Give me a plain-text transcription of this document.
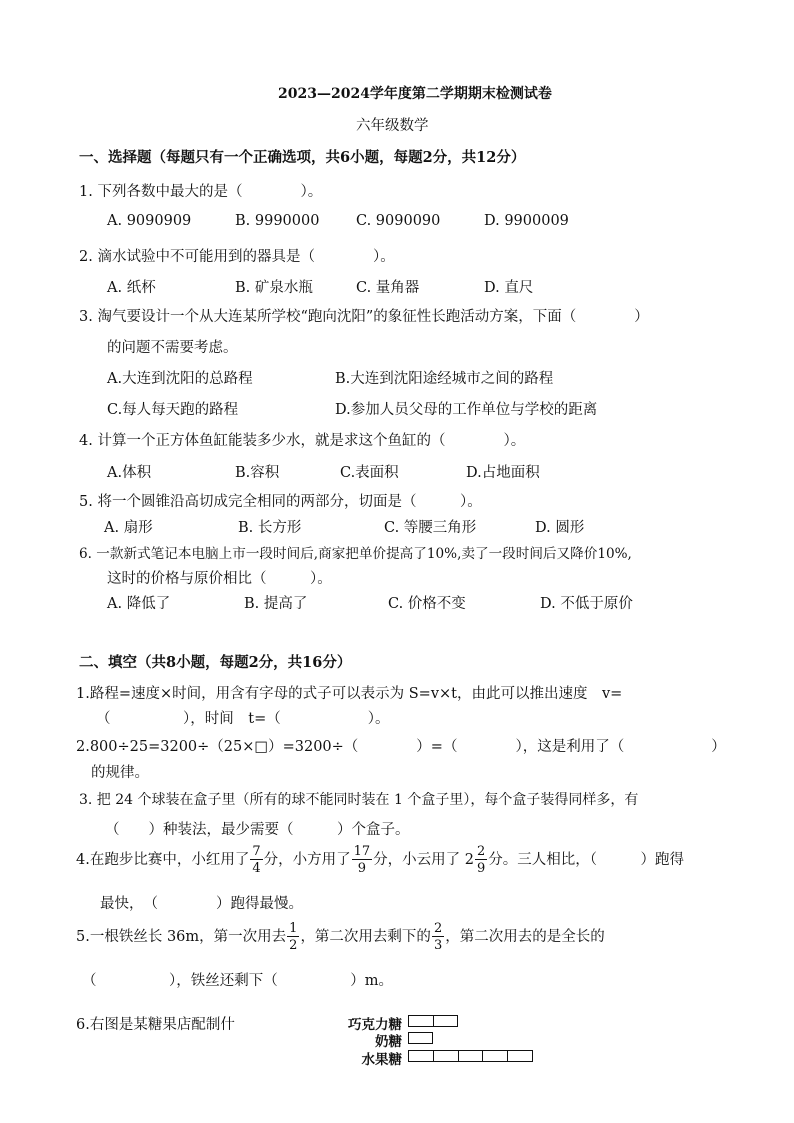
2023—2024学年度第二学期期末检测试卷
六年级数学
一、选择题（每题只有一个正确选项，共6小题，每题2分，共12分）
1. 下列各数中最大的是（　　　　）。
A. 9090909	B. 9990000	C. 9090090	D. 9900009
2. 滴水试验中不可能用到的器具是（　　　　）。
A. 纸杯	B. 矿泉水瓶	C. 量角器	D. 直尺
3. 淘气要设计一个从大连某所学校“跑向沈阳”的象征性长跑活动方案，下面（　　　　）
的问题不需要考虑。
A.大连到沈阳的总路程	B.大连到沈阳途经城市之间的路程
C.每人每天跑的路程	D.参加人员父母的工作单位与学校的距离
4. 计算一个正方体鱼缸能装多少水，就是求这个鱼缸的（　　　　）。
A.体积	B.容积	C.表面积	D.占地面积
5. 将一个圆锥沿高切成完全相同的两部分，切面是（　　　）。
A. 扇形	B. 长方形	C. 等腰三角形	D. 圆形
6. 一款新式笔记本电脑上市一段时间后,商家把单价提高了10%,卖了一段时间后又降价10%,
这时的价格与原价相比（　　　）。
A. 降低了	B. 提高了	C. 价格不变	D. 不低于原价
二、填空（共8小题，每题2分，共16分）
1.路程=速度×时间，用含有字母的式子可以表示为 S=v×t，由此可以推出速度　v=
（　　　　　），时间　t=（　　　　　　）。
2.800÷25=3200÷（25×□）=3200÷（　　　　）=（　　　　），这是利用了（　　　　　　）
的规律。
3. 把 24 个球装在盒子里（所有的球不能同时装在 1 个盒子里），每个盒子装得同样多，有
（　　）种装法，最少需要（　　　）个盒子。
4.在跑步比赛中，小红用了 $\frac{7}{4}$ 分，小方用了 $\frac{17}{9}$ 分，小云用了 $2 \frac{2}{9}$ 分。三人相比，（　　　）跑得
最快，　（　　　　）跑得最慢。
5.一根铁丝长 36m，第一次用去 $\frac{1}{2}$ ，第二次用去剩下的 $\frac{2}{3}$ ，第二次用去的是全长的
（　　　　　），铁丝还剩下（　　　　　）m。
6.右图是某糖果店配制什	巧克力糖
奶糖
水果糖
